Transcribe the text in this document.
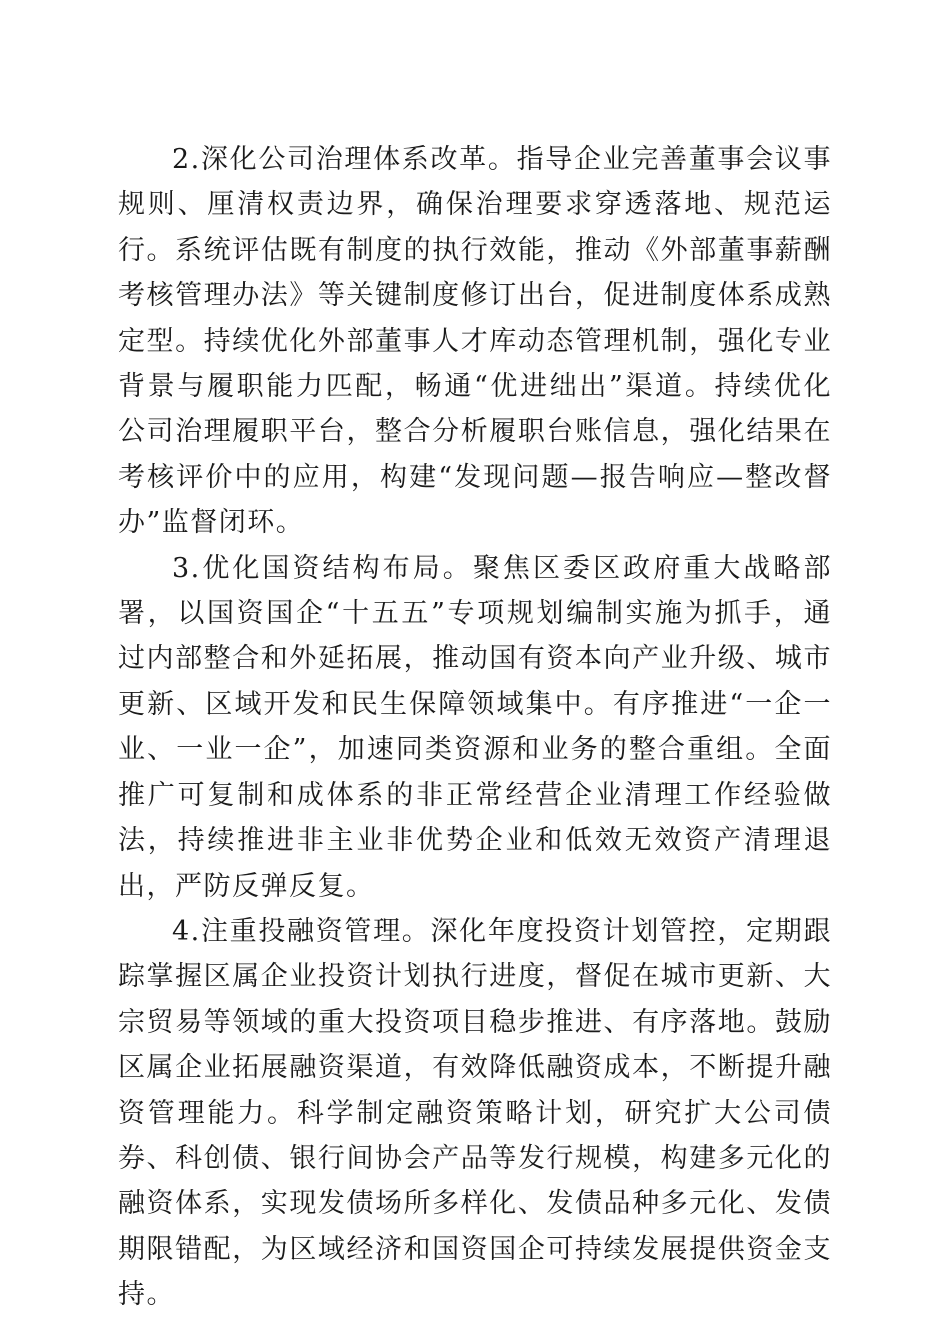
2.深化公司治理体系改革。指导企业完善董事会议事规则、厘清权责边界，确保治理要求穿透落地、规范运行。系统评估既有制度的执行效能，推动《外部董事薪酬考核管理办法》等关键制度修订出台，促进制度体系成熟定型。持续优化外部董事人才库动态管理机制，强化专业背景与履职能力匹配，畅通“优进绌出”渠道。持续优化公司治理履职平台，整合分析履职台账信息，强化结果在考核评价中的应用，构建“发现问题—报告响应—整改督办”监督闭环。

3.优化国资结构布局。聚焦区委区政府重大战略部署，以国资国企“十五五”专项规划编制实施为抓手，通过内部整合和外延拓展，推动国有资本向产业升级、城市更新、区域开发和民生保障领域集中。有序推进“一企一业、一业一企”，加速同类资源和业务的整合重组。全面推广可复制和成体系的非正常经营企业清理工作经验做法，持续推进非主业非优势企业和低效无效资产清理退出，严防反弹反复。

4.注重投融资管理。深化年度投资计划管控，定期跟踪掌握区属企业投资计划执行进度，督促在城市更新、大宗贸易等领域的重大投资项目稳步推进、有序落地。鼓励区属企业拓展融资渠道，有效降低融资成本，不断提升融资管理能力。科学制定融资策略计划，研究扩大公司债券、科创债、银行间协会产品等发行规模，构建多元化的融资体系，实现发债场所多样化、发债品种多元化、发债期限错配，为区域经济和国资国企可持续发展提供资金支持。
